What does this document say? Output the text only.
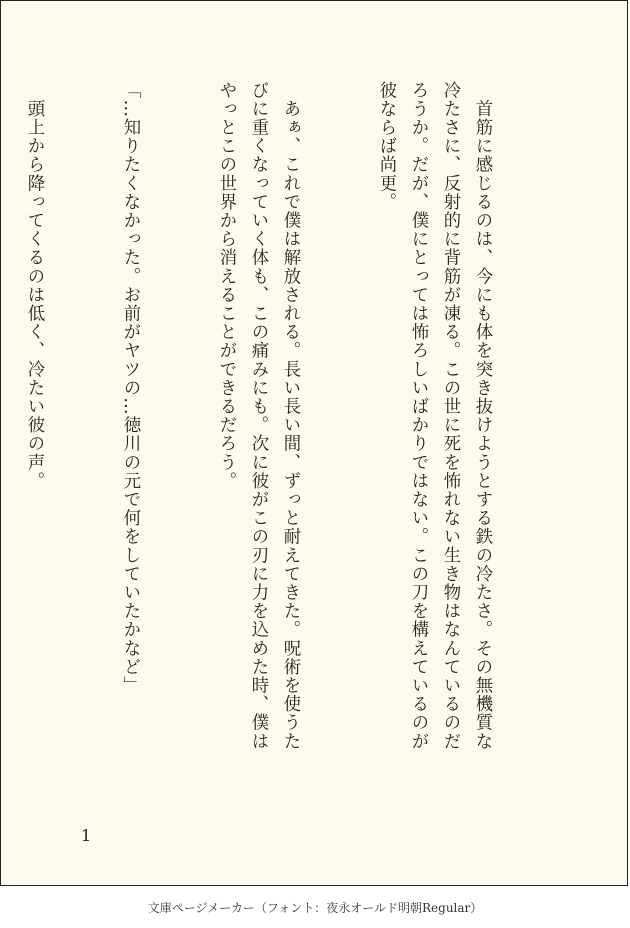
　首筋に感じるのは、今にも体を突き抜けようとする鉄の冷たさ。その無機質な
冷たさに、反射的に背筋が凍る。この世に死を怖れない生き物はなんているのだ
ろうか。だが、僕にとっては怖ろしいばかりではない。この刀を構えているのが
彼ならば尚更。

　あぁ、これで僕は解放される。長い長い間、ずっと耐えてきた。呪術を使うた
びに重くなっていく体も、この痛みにも。次に彼がこの刃に力を込めた時、僕は
やっとこの世界から消えることができるだろう。

「…知りたくなかった。お前がヤツの…徳川の元で何をしていたかなど」

　頭上から降ってくるのは低く、冷たい彼の声。

1
文庫ページメーカー（フォント：夜永オールド明朝Regular）
